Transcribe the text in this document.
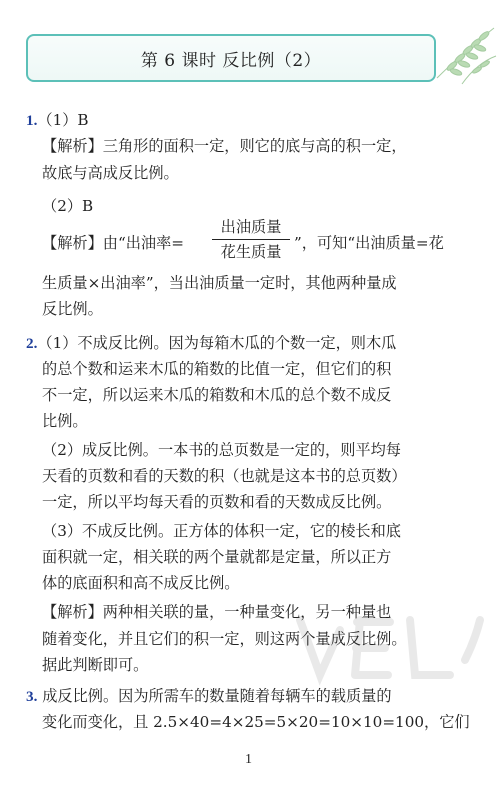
第 6 课时 反比例（2）
1.（1）B
【解析】三角形的面积一定，则它的底与高的积一定，
故底与高成反比例。
（2）B
【解析】由“出油率=
出油质量
花生质量 ”，可知“出油质量=花
生质量×出油率”，当出油质量一定时，其他两种量成
反比例。
2.（1）不成反比例。因为每箱木瓜的个数一定，则木瓜
的总个数和运来木瓜的箱数的比值一定，但它们的积
不一定，所以运来木瓜的箱数和木瓜的总个数不成反
比例。
（2）成反比例。一本书的总页数是一定的，则平均每
天看的页数和看的天数的积（也就是这本书的总页数）
一定，所以平均每天看的页数和看的天数成反比例。
（3）不成反比例。正方体的体积一定，它的棱长和底
面积就一定，相关联的两个量就都是定量，所以正方
体的底面积和高不成反比例。
【解析】两种相关联的量，一种量变化，另一种量也
随着变化，并且它们的积一定，则这两个量成反比例。
据此判断即可。
3. 成反比例。因为所需车的数量随着每辆车的载质量的
变化而变化，且 2.5×40=4×25=5×20=10×10=100，它们
1
